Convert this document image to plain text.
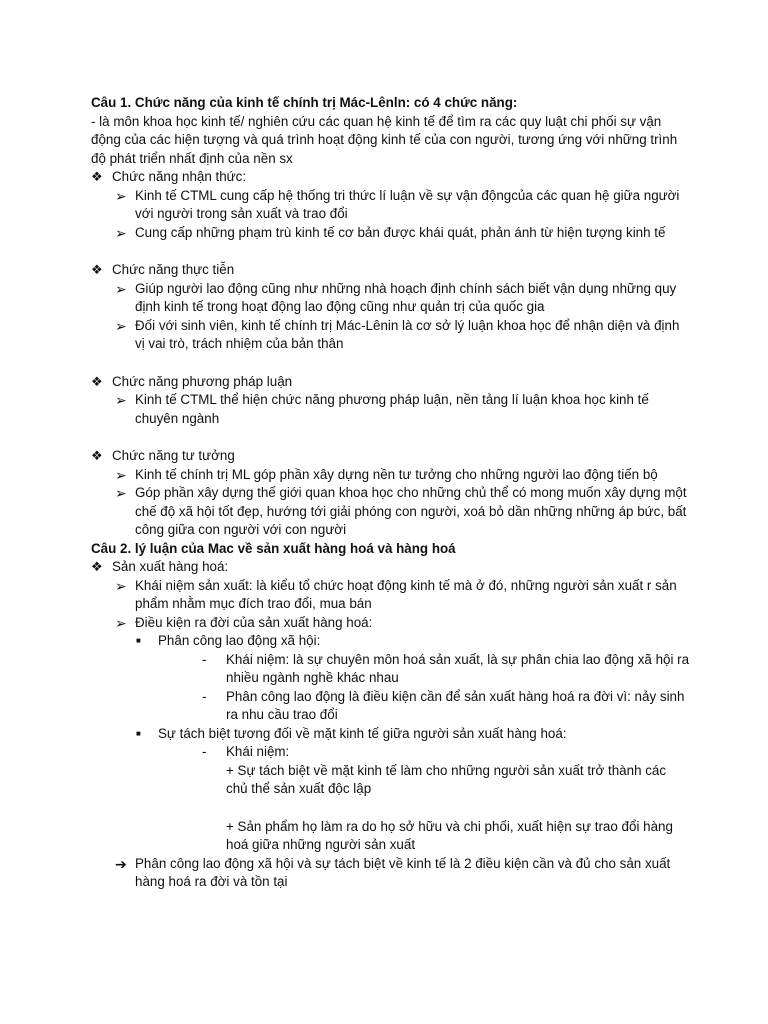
Câu 1. Chức năng của kinh tế chính trị Mác-Lênln: có 4 chức năng:
- là môn khoa học kinh tế/ nghiên cứu các quan hệ kinh tế để tìm ra các quy luật chi phối sự vận động của các hiện tượng và quá trình hoạt động kinh tế của con người, tương ứng với những trình độ phát triển nhất định của nền sx
❖ Chức năng nhận thức:
➢ Kinh tế CTML cung cấp hệ thống tri thức lí luận về sự vận độngcủa các quan hệ giữa người với người trong sản xuất và trao đổi
➢ Cung cấp những phạm trù kinh tế cơ bản được khái quát, phản ánh từ hiện tượng kinh tế
❖ Chức năng thực tiễn
➢ Giúp người lao động cũng như những nhà hoạch định chính sách biết vận dụng những quy định kinh tế trong hoạt động lao động cũng như quản trị của quốc gia
➢ Đối với sinh viên, kinh tế chính trị Mác-Lênin là cơ sở lý luận khoa học để nhận diện và định vị vai trò, trách nhiệm của bản thân
❖ Chức năng phương pháp luận
➢ Kinh tế CTML thể hiện chức năng phương pháp luận, nền tảng lí luận khoa học kinh tế chuyên ngành
❖ Chức năng tư tưởng
➢ Kinh tế chính trị ML góp phần xây dựng nền tư tưởng cho những người lao động tiến bộ
➢ Góp phần xây dựng thế giới quan khoa học cho những chủ thể có mong muốn xây dựng một chế độ xã hội tốt đẹp, hướng tới giải phóng con người, xoá bỏ dần những những áp bức, bất công giữa con người với con người
Câu 2. lý luận của Mac về sản xuất hàng hoá và hàng hoá
❖ Sản xuất hàng hoá:
➢ Khái niệm sản xuất: là kiểu tổ chức hoạt động kinh tế mà ở đó, những người sản xuất r sản phẩm nhằm mục đích trao đổi, mua bán
➢ Điều kiện ra đời của sản xuất hàng hoá:
■	Phân công lao động xã hội:
-	Khái niệm: là sự chuyên môn hoá sản xuất, là sự phân chia lao động xã hội ra nhiều ngành nghề khác nhau
-	Phân công lao động là điều kiện cần để sản xuất hàng hoá ra đời vì: nảy sinh ra nhu cầu trao đổi
■	Sự tách biệt tương đối về mặt kinh tế giữa người sản xuất hàng hoá:
-	Khái niệm:
+ Sự tách biệt về mặt kinh tế làm cho những người sản xuất trở thành các chủ thể sản xuất độc lập
+ Sản phẩm họ làm ra do họ sở hữu và chi phối, xuất hiện sự trao đổi hàng hoá giữa những người sản xuất
➔ Phân công lao động xã hội và sự tách biệt về kinh tế là 2 điều kiện cần và đủ cho sản xuất hàng hoá ra đời và tồn tại
